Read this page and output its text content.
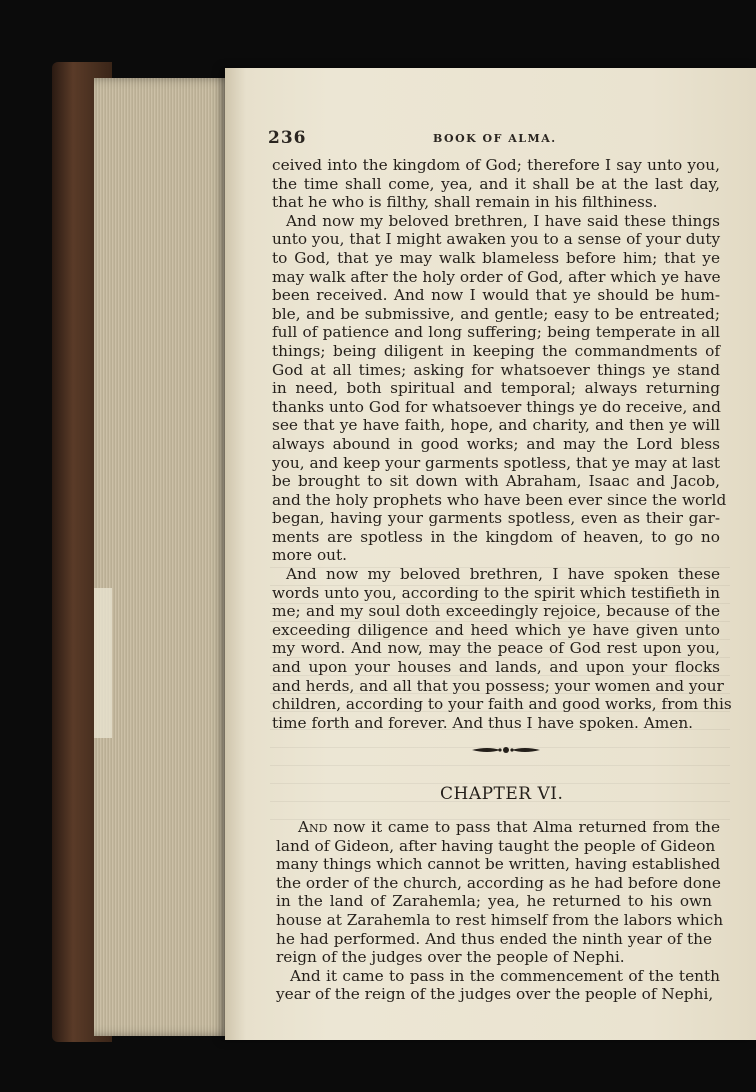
236	BOOK OF ALMA.
ceived into the kingdom of God; therefore I say unto you,
the time shall come, yea, and it shall be at the last day,
that he who is filthy, shall remain in his filthiness.
And now my beloved brethren, I have said these things
unto you, that I might awaken you to a sense of your duty
to God, that ye may walk blameless before him; that ye
may walk after the holy order of God, after which ye have
been received. And now I would that ye should be hum-
ble, and be submissive, and gentle; easy to be entreated;
full of patience and long suffering; being temperate in all
things; being diligent in keeping the commandments of
God at all times; asking for whatsoever things ye stand
in need, both spiritual and temporal; always returning
thanks unto God for whatsoever things ye do receive, and
see that ye have faith, hope, and charity, and then ye will
always abound in good works; and may the Lord bless
you, and keep your garments spotless, that ye may at last
be brought to sit down with Abraham, Isaac and Jacob,
and the holy prophets who have been ever since the world
began, having your garments spotless, even as their gar-
ments are spotless in the kingdom of heaven, to go no
more out.
And now my beloved brethren, I have spoken these
words unto you, according to the spirit which testifieth in
me; and my soul doth exceedingly rejoice, because of the
exceeding diligence and heed which ye have given unto
my word. And now, may the peace of God rest upon you,
and upon your houses and lands, and upon your flocks
and herds, and all that you possess; your women and your
children, according to your faith and good works, from this
time forth and forever. And thus I have spoken. Amen.
CHAPTER VI.
And now it came to pass that Alma returned from the
land of Gideon, after having taught the people of Gideon
many things which cannot be written, having established
the order of the church, according as he had before done
in the land of Zarahemla; yea, he returned to his own
house at Zarahemla to rest himself from the labors which
he had performed. And thus ended the ninth year of the
reign of the judges over the people of Nephi.
And it came to pass in the commencement of the tenth
year of the reign of the judges over the people of Nephi,
